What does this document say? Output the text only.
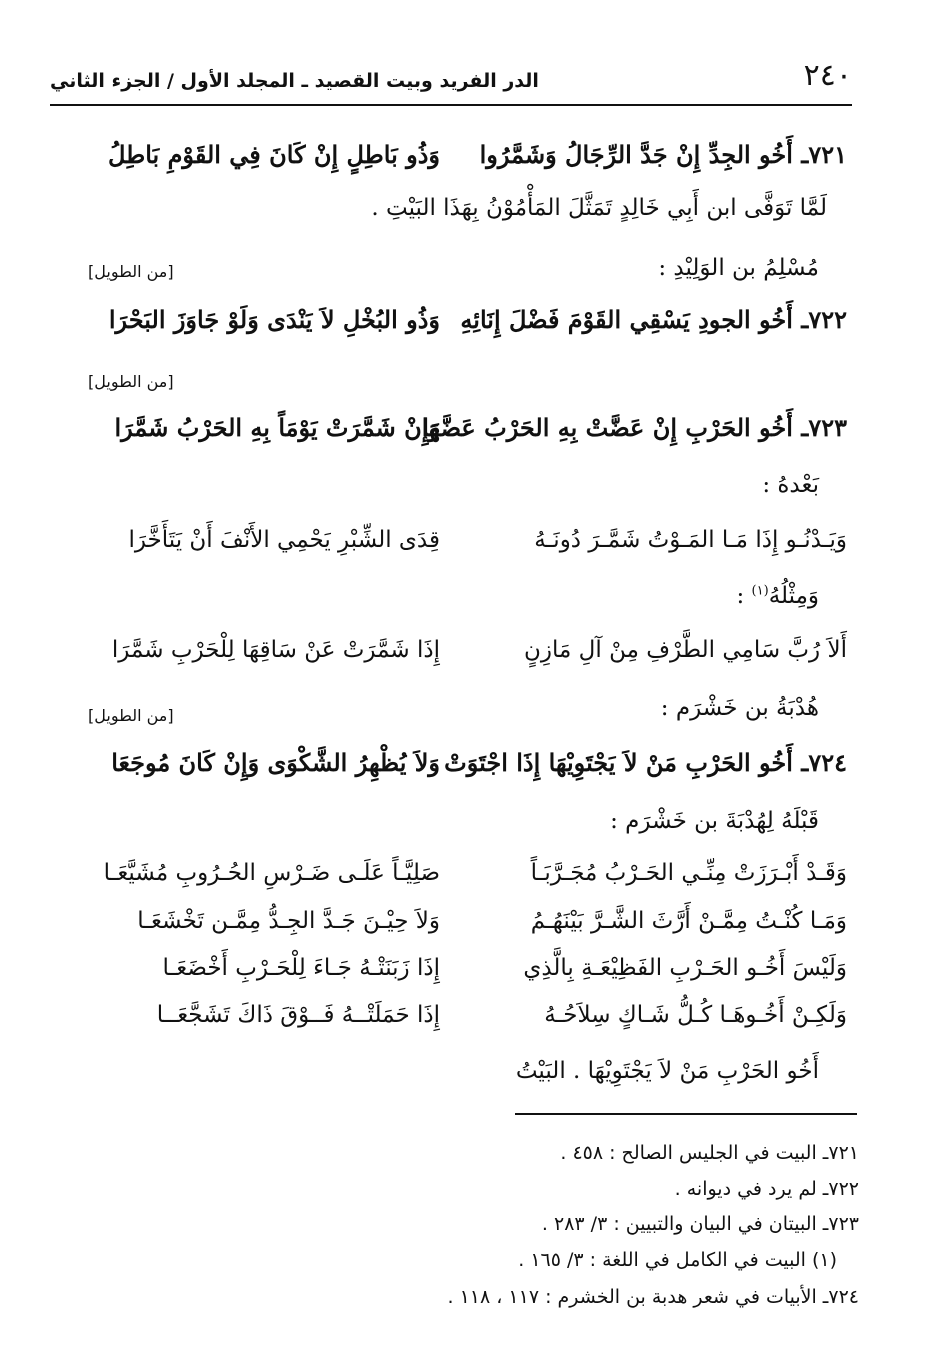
٢٤٠
الدر الفريد وبيت القصيد ـ المجلد الأول / الجزء الثاني
٧٢١ـ أَخُو الجِدِّ إِنْ جَدَّ الرِّجَالُ وَشَمَّرُوا
وَذُو بَاطِلٍ إِنْ كَانَ فِي القَوْمِ بَاطِلُ
لَمَّا تَوَفَّى ابن أَبِي خَالِدٍ تَمَثَّلَ المَأْمُوْنُ بِهَذَا البَيْتِ .
مُسْلِمُ بن الوَلِيْدِ :
[من الطويل]
٧٢٢ـ أَخُو الجودِ يَسْقِي القَوْمَ فَضْلَ إِنَائِهِ
وَذُو البُخْلِ لاَ يَنْدَى وَلَوْ جَاوَزَ البَحْرَا
[من الطويل]
٧٢٣ـ أَخُو الحَرْبِ إِنْ عَضَّتْ بِهِ الحَرْبُ عَضَّهَا
وَإِنْ شَمَّرَتْ يَوْمَاً بِهِ الحَرْبُ شَمَّرَا
بَعْدهُ :
وَيَـدْنُـو إِذَا مَـا المَـوْتُ شَمَّـرَ دُونَـهُ
قِدَى الشِّبْرِ يَحْمِي الأَنْفَ أَنْ يَتَأَخَّرَا
وَمِثْلُهُ$^{(١)}$ :
أَلاَ رُبَّ سَامِي الطَّرْفِ مِنْ آلِ مَازِنٍ
إِذَا شَمَّرَتْ عَنْ سَاقِهَا لِلْحَرْبِ شَمَّرَا
هُدْبَةُ بن خَشْرَم :
[من الطويل]
٧٢٤ـ أَخُو الحَرْبِ مَنْ لاَ يَجْتَوِيْهَا إِذَا اجْتَوَتْ
وَلاَ يُظْهِرُ الشَّكْوَى وَإِنْ كَانَ مُوجَعَا
قَبْلَهُ لِهُدْبَةَ بن خَشْرَم :
وَقَـدْ أَبْـرَزَتْ مِنِّـي الحَـرْبُ مُجَـرَّبَـاً
صَلِيَّـاً عَلَـى ضَـرْسِ الحُـرُوبِ مُشَيَّعَـا
وَمَـا كُنْـتُ مِمَّـنْ أَرَّثَ الشَّـرَّ بَيْنَهُـمُ
وَلاَ حِيْـنَ جَـدَّ الجِـدُّ مِمَّـن تَخْشَعَـا
وَلَيْسَ أَخُـو الحَـرْبِ الفَظِيْعَـةِ بِالَّذِي
إِذَا زَبَنَتْـهُ جَـاءَ لِلْحَـرْبِ أَخْضَعَـا
وَلَكِـنْ أَخُـوهَـا كُـلُّ شَـاكٍ سِلاَحُـهُ
إِذَا حَمَلَتْــهُ فَــوْقَ ذَاكَ تَشَجَّعَــا
أَخُو الحَرْبِ مَنْ لاَ يَجْتَوِيْهَا . البَيْتُ
٧٢١ـ البيت في الجليس الصالح : ٤٥٨ .
٧٢٢ـ لم يرد في ديوانه .
٧٢٣ـ البيتان في البيان والتبيين : ٣/ ٢٨٣ .
(١) البيت في الكامل في اللغة : ٣/ ١٦٥ .
٧٢٤ـ الأبيات في شعر هدبة بن الخشرم : ١١٧ ، ١١٨ .
